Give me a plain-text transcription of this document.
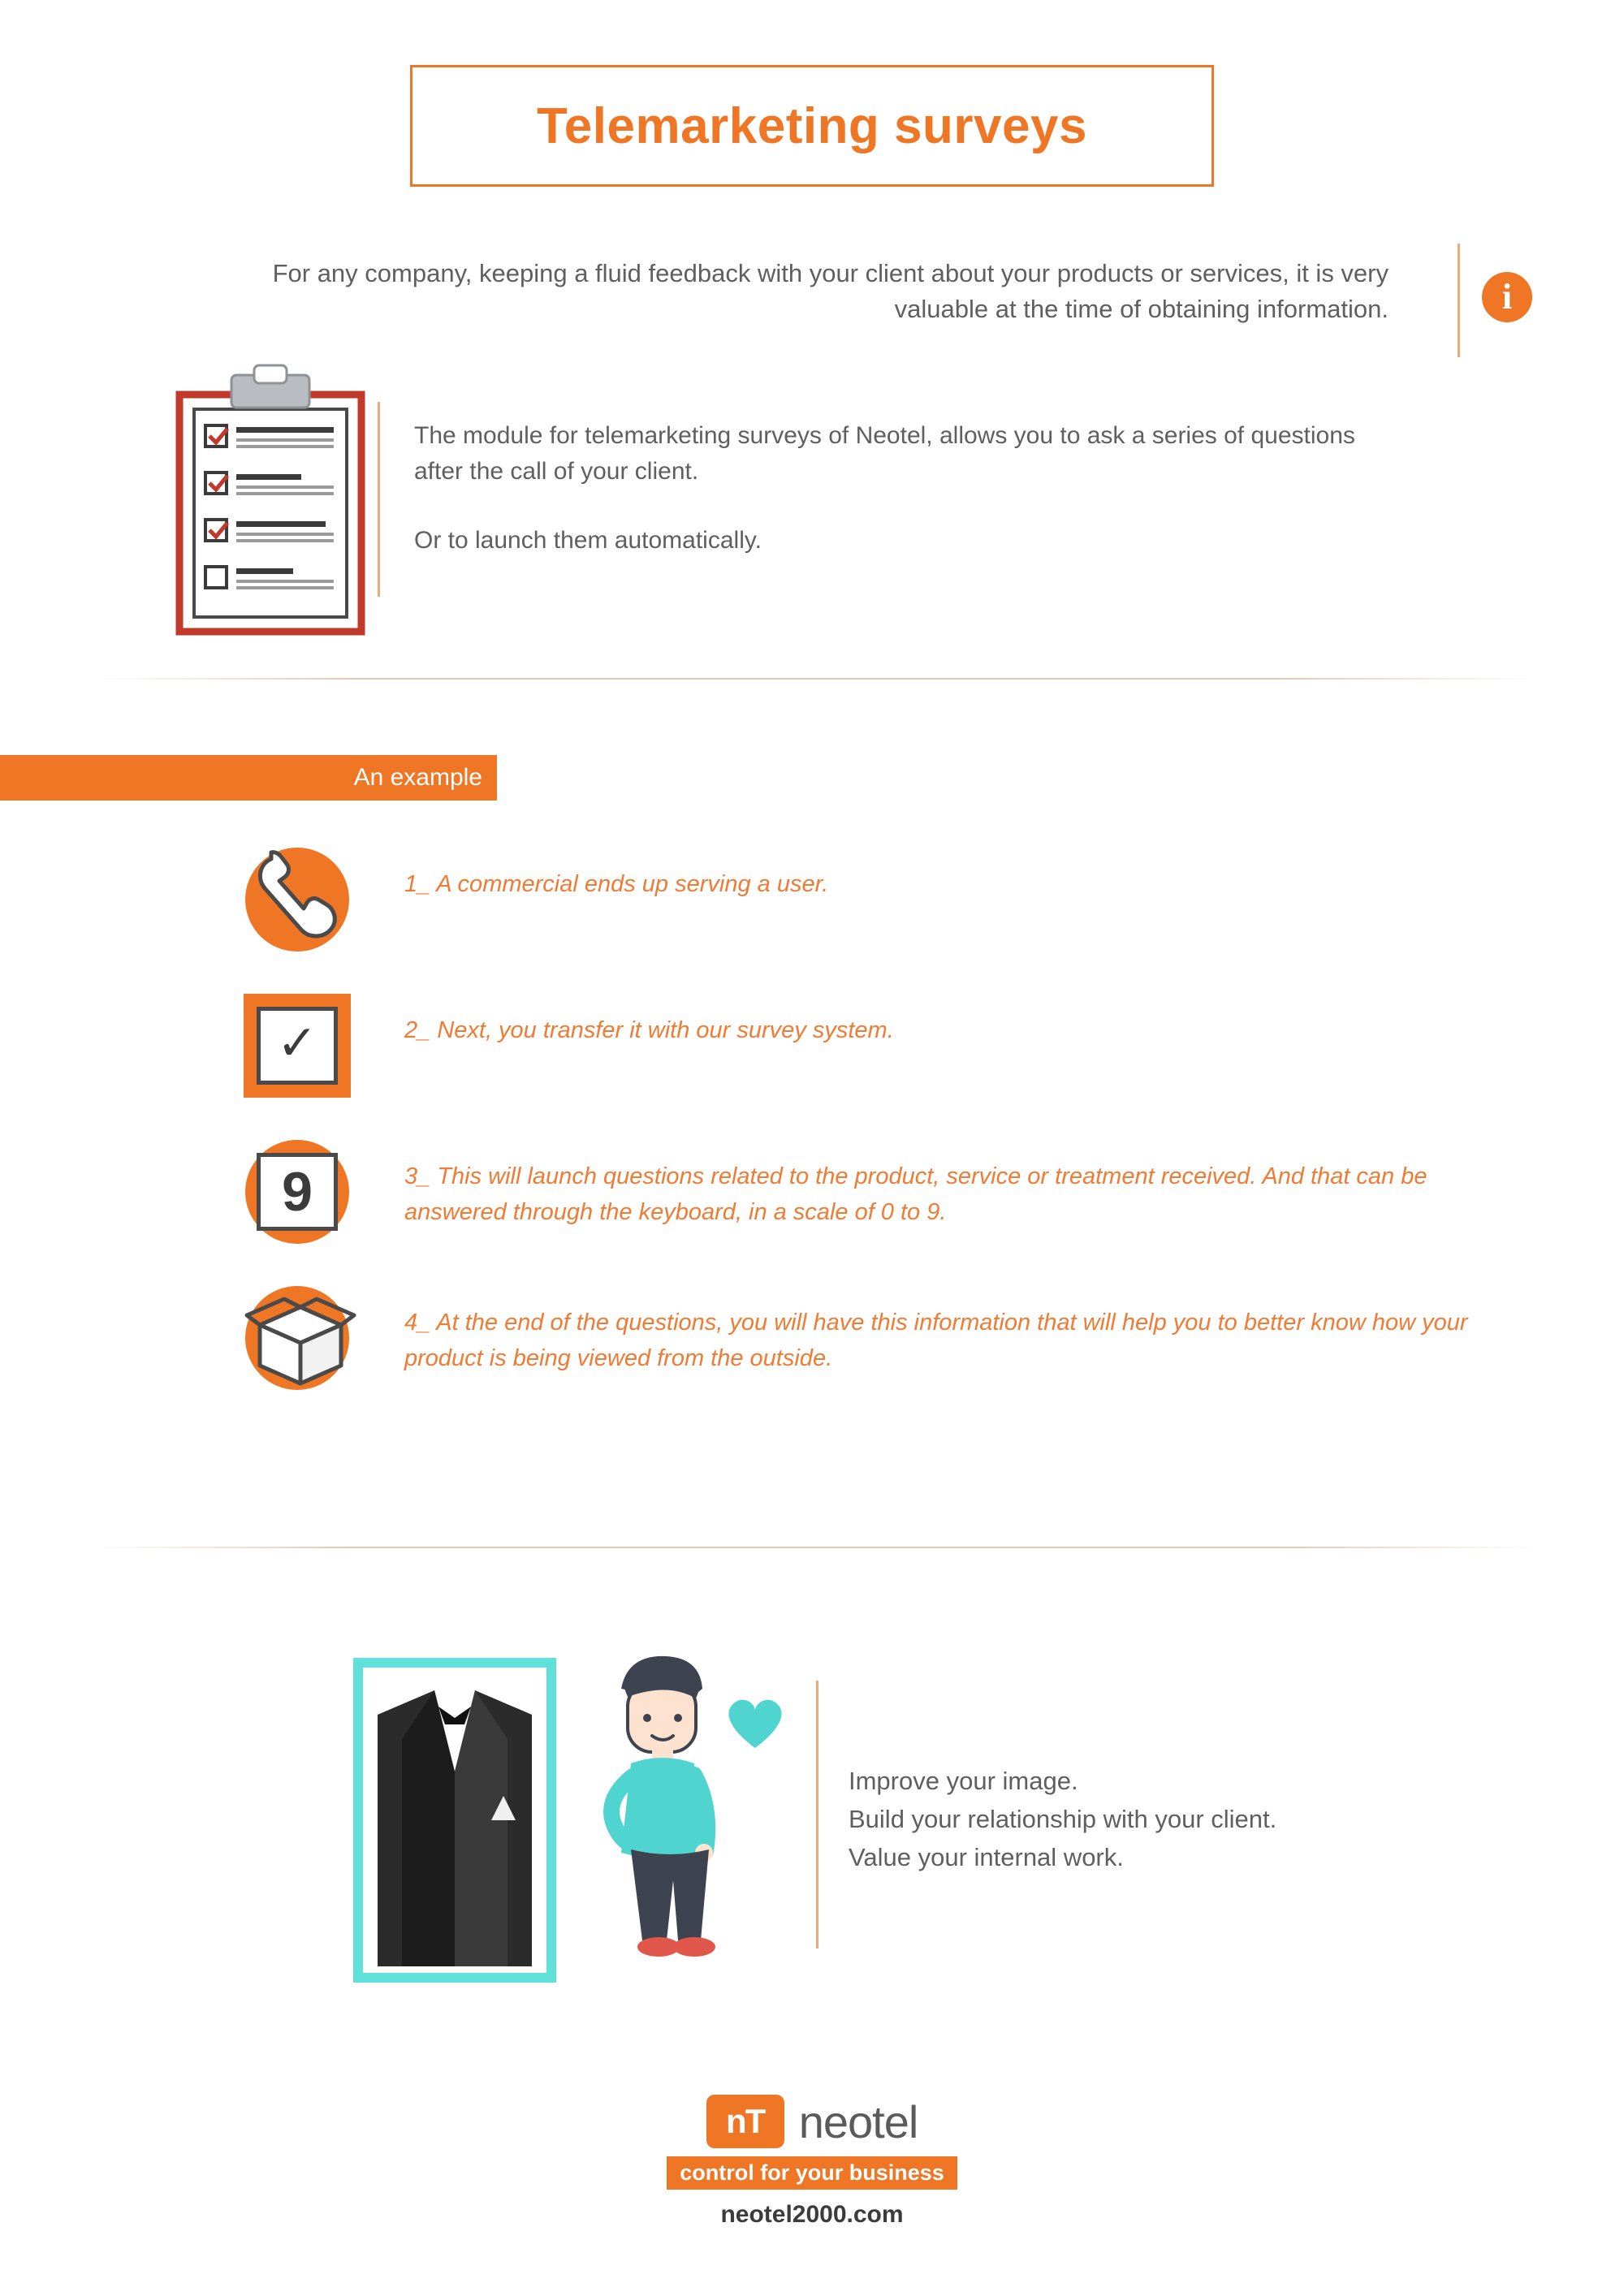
Telemarketing surveys
For any company, keeping a fluid feedback with your client about your products or services, it is very valuable at the time of obtaining information.	i
The module for telemarketing surveys of Neotel, allows you to ask a series of questions after the call of your client.
Or to launch them automatically.
An example
1_ A commercial ends up serving a user.
✓	2_ Next, you transfer it with our survey system.
9	3_ This will launch questions related to the product, service or treatment received. And that can be answered through the keyboard, in a scale of 0 to 9.
4_ At the end of the questions, you will have this information that will help you to better know how your product is being viewed from the outside.
Improve your image.
Build your relationship with your client.
Value your internal work.
nT neotel
control for your business
neotel2000.com
